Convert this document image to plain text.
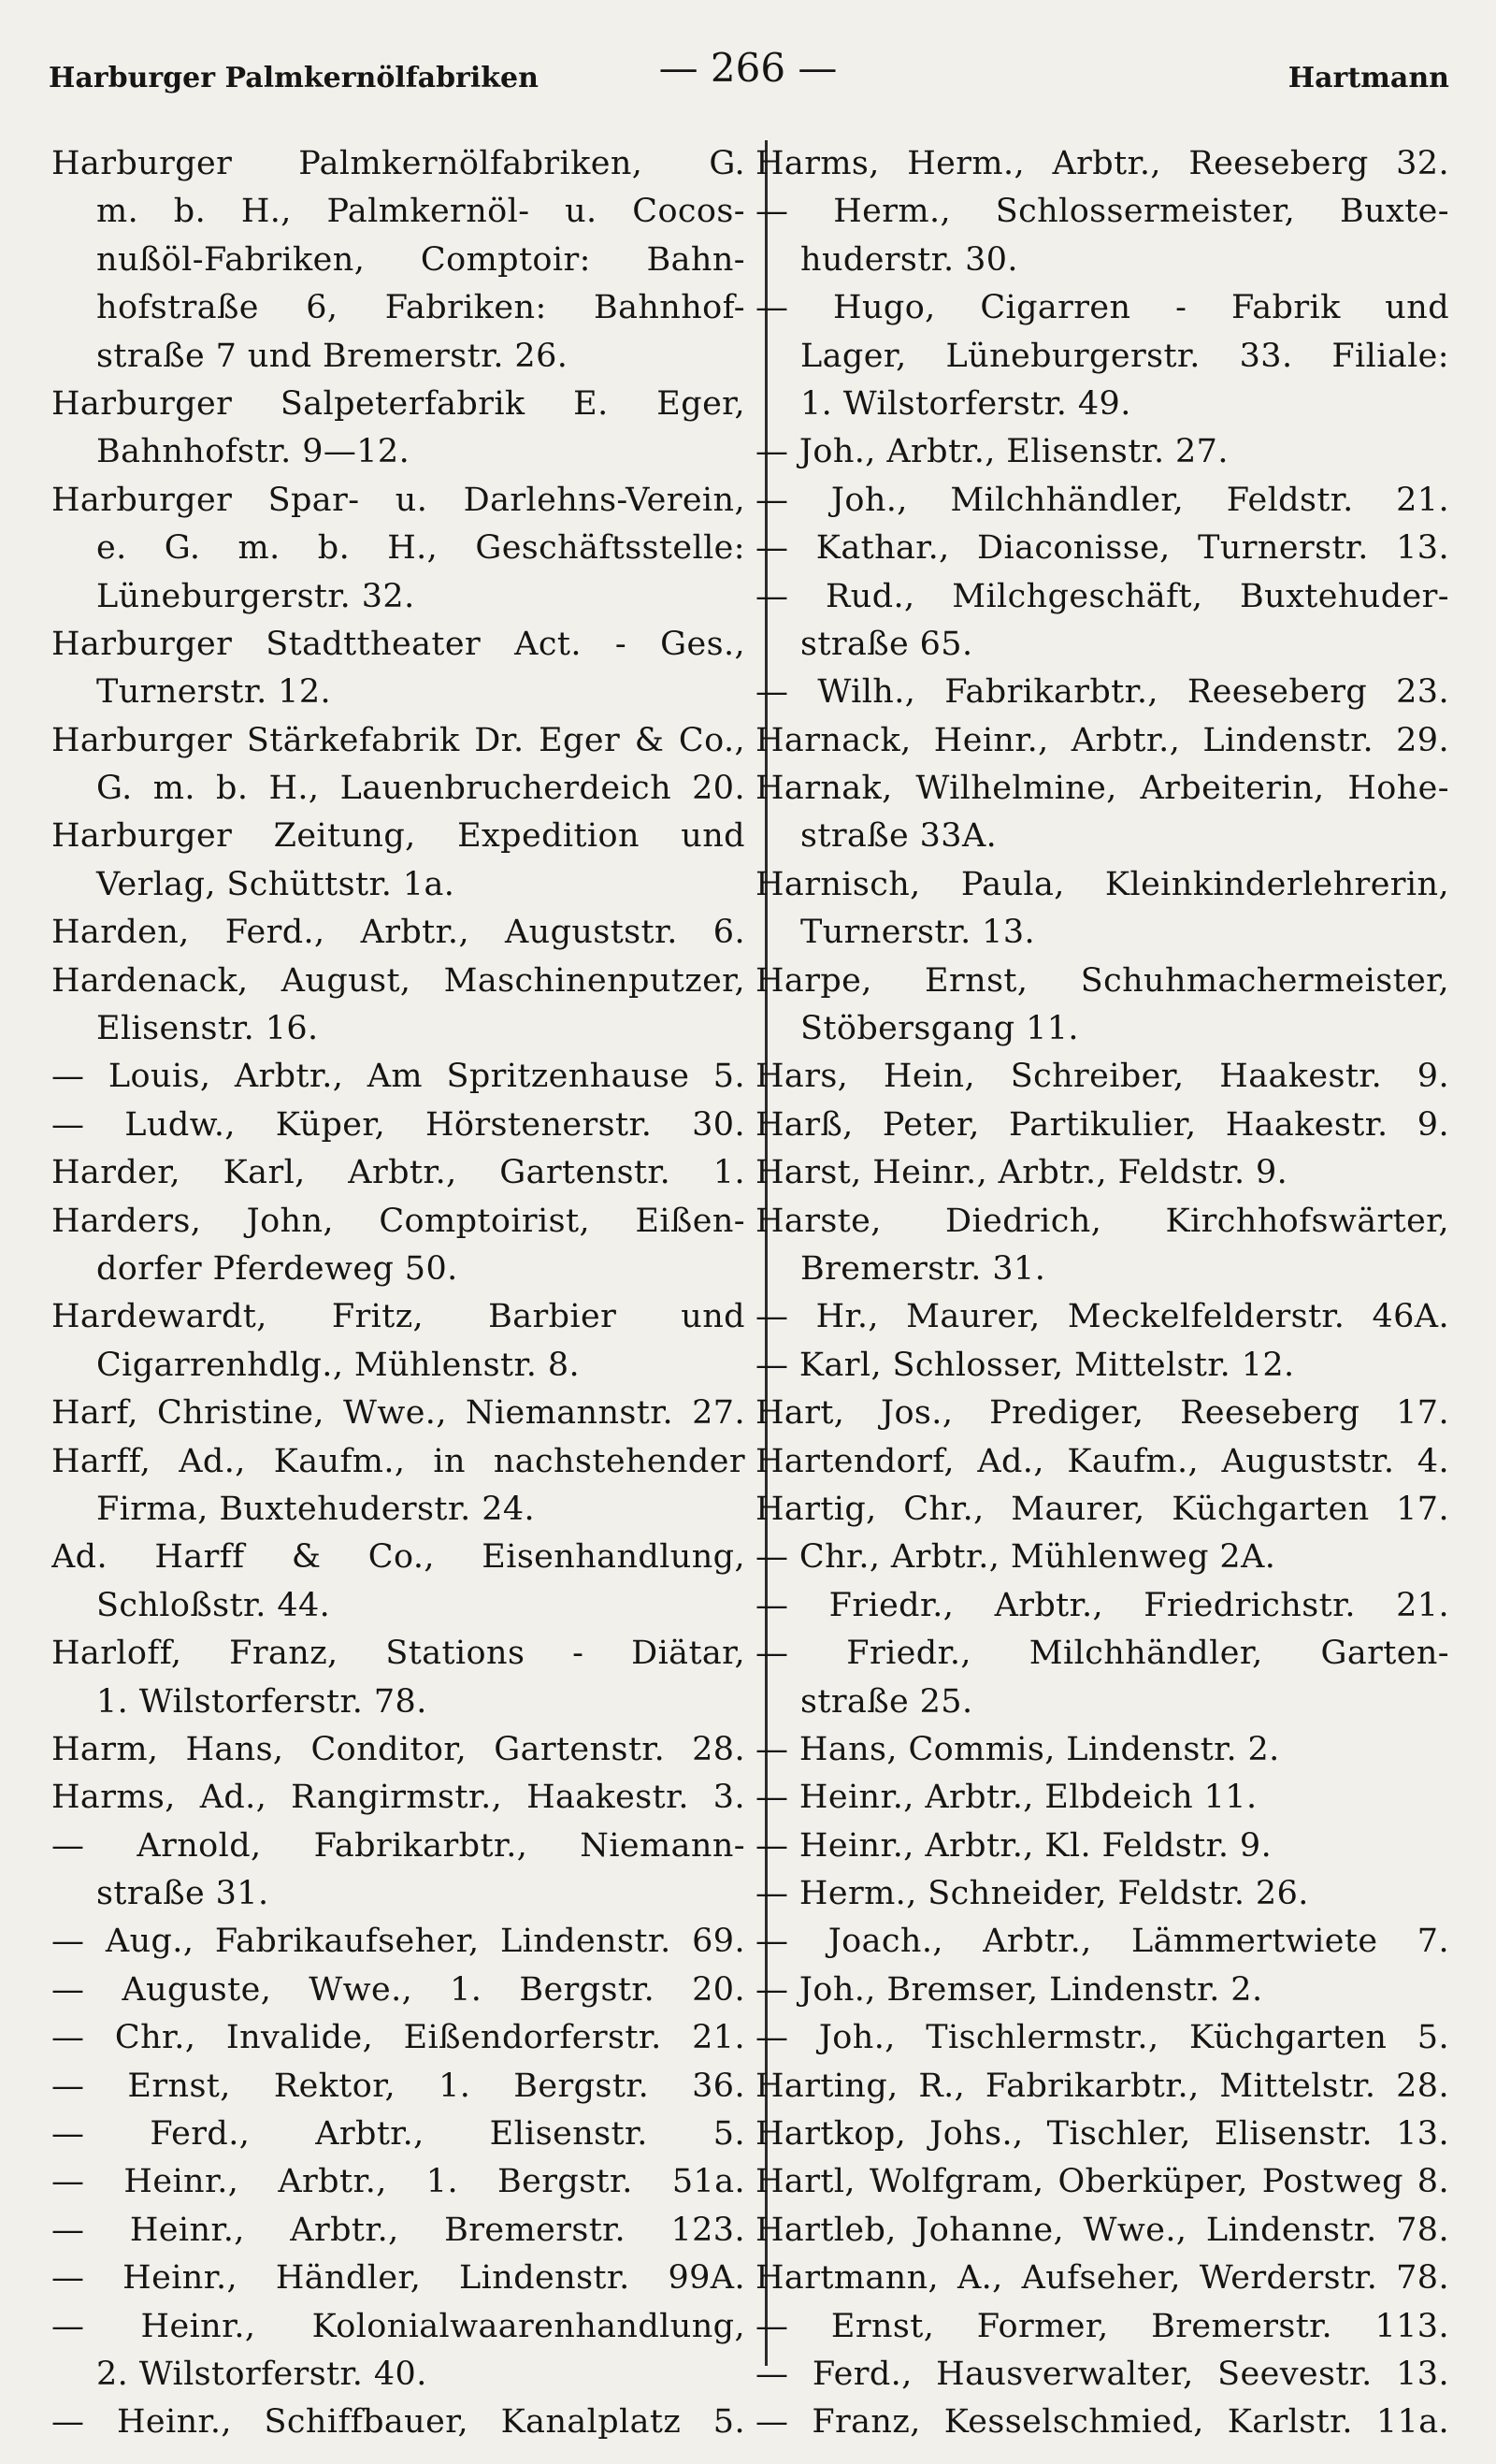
Harburger Palmkernölfabriken	— 266 —	Hartmann
Harburger Palmkernölfabriken, G.
m. b. H., Palmkernöl- u. Cocos-
nußöl-Fabriken, Comptoir: Bahn-
hofstraße 6, Fabriken: Bahnhof-
straße 7 und Bremerstr. 26.
Harburger Salpeterfabrik E. Eger,
Bahnhofstr. 9—12.
Harburger Spar- u. Darlehns-Verein,
e. G. m. b. H., Geschäftsstelle:
Lüneburgerstr. 32.
Harburger Stadttheater Act. - Ges.,
Turnerstr. 12.
Harburger Stärkefabrik Dr. Eger & Co.,
G. m. b. H., Lauenbrucherdeich 20.
Harburger Zeitung, Expedition und
Verlag, Schüttstr. 1a.
Harden, Ferd., Arbtr., Auguststr. 6.
Hardenack, August, Maschinenputzer,
Elisenstr. 16.
— Louis, Arbtr., Am Spritzenhause 5.
— Ludw., Küper, Hörstenerstr. 30.
Harder, Karl, Arbtr., Gartenstr. 1.
Harders, John, Comptoirist, Eißen-
dorfer Pferdeweg 50.
Hardewardt, Fritz, Barbier und
Cigarrenhdlg., Mühlenstr. 8.
Harf, Christine, Wwe., Niemannstr. 27.
Harff, Ad., Kaufm., in nachstehender
Firma, Buxtehuderstr. 24.
Ad. Harff & Co., Eisenhandlung,
Schloßstr. 44.
Harloff, Franz, Stations - Diätar,
1. Wilstorferstr. 78.
Harm, Hans, Conditor, Gartenstr. 28.
Harms, Ad., Rangirmstr., Haakestr. 3.
— Arnold, Fabrikarbtr., Niemann-
straße 31.
— Aug., Fabrikaufseher, Lindenstr. 69.
— Auguste, Wwe., 1. Bergstr. 20.
— Chr., Invalide, Eißendorferstr. 21.
— Ernst, Rektor, 1. Bergstr. 36.
— Ferd., Arbtr., Elisenstr. 5.
— Heinr., Arbtr., 1. Bergstr. 51a.
— Heinr., Arbtr., Bremerstr. 123.
— Heinr., Händler, Lindenstr. 99A.
— Heinr., Kolonialwaarenhandlung,
2. Wilstorferstr. 40.
— Heinr., Schiffbauer, Kanalplatz 5.
Harms, Herm., Arbtr., Reeseberg 32.
— Herm., Schlossermeister, Buxte-
huderstr. 30.
— Hugo, Cigarren - Fabrik und
Lager, Lüneburgerstr. 33. Filiale:
1. Wilstorferstr. 49.
— Joh., Arbtr., Elisenstr. 27.
— Joh., Milchhändler, Feldstr. 21.
— Kathar., Diaconisse, Turnerstr. 13.
— Rud., Milchgeschäft, Buxtehuder-
straße 65.
— Wilh., Fabrikarbtr., Reeseberg 23.
Harnack, Heinr., Arbtr., Lindenstr. 29.
Harnak, Wilhelmine, Arbeiterin, Hohe-
straße 33A.
Harnisch, Paula, Kleinkinderlehrerin,
Turnerstr. 13.
Harpe, Ernst, Schuhmachermeister,
Stöbersgang 11.
Hars, Hein, Schreiber, Haakestr. 9.
Harß, Peter, Partikulier, Haakestr. 9.
Harst, Heinr., Arbtr., Feldstr. 9.
Harste, Diedrich, Kirchhofswärter,
Bremerstr. 31.
— Hr., Maurer, Meckelfelderstr. 46A.
— Karl, Schlosser, Mittelstr. 12.
Hart, Jos., Prediger, Reeseberg 17.
Hartendorf, Ad., Kaufm., Auguststr. 4.
Hartig, Chr., Maurer, Küchgarten 17.
— Chr., Arbtr., Mühlenweg 2A.
— Friedr., Arbtr., Friedrichstr. 21.
— Friedr., Milchhändler, Garten-
straße 25.
— Hans, Commis, Lindenstr. 2.
— Heinr., Arbtr., Elbdeich 11.
— Heinr., Arbtr., Kl. Feldstr. 9.
— Herm., Schneider, Feldstr. 26.
— Joach., Arbtr., Lämmertwiete 7.
— Joh., Bremser, Lindenstr. 2.
— Joh., Tischlermstr., Küchgarten 5.
Harting, R., Fabrikarbtr., Mittelstr. 28.
Hartkop, Johs., Tischler, Elisenstr. 13.
Hartl, Wolfgram, Oberküper, Postweg 8.
Hartleb, Johanne, Wwe., Lindenstr. 78.
Hartmann, A., Aufseher, Werderstr. 78.
— Ernst, Former, Bremerstr. 113.
— Ferd., Hausverwalter, Seevestr. 13.
— Franz, Kesselschmied, Karlstr. 11a.
